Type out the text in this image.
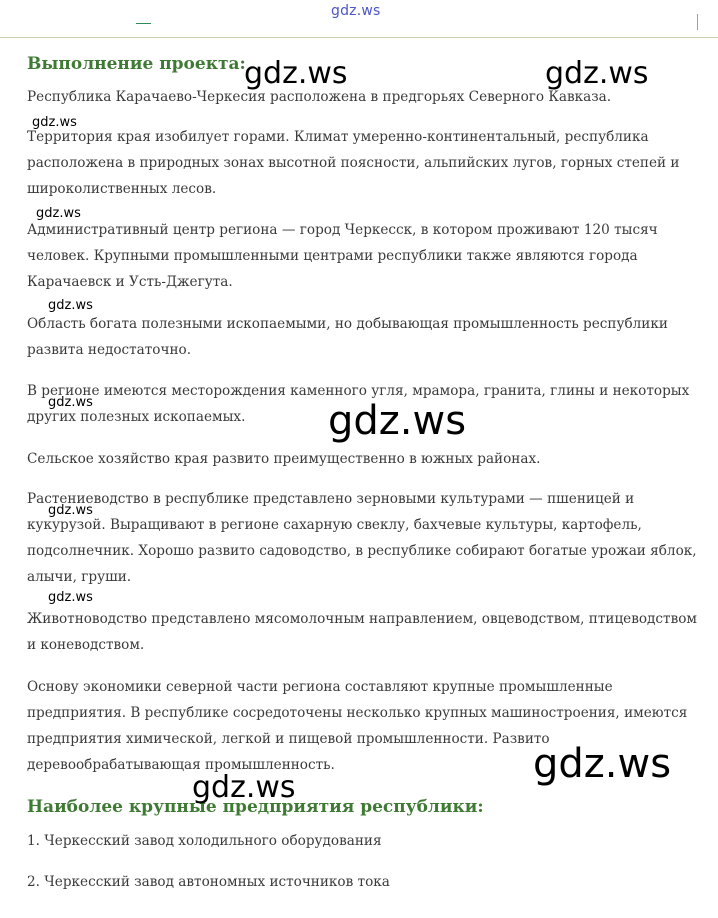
gdz.ws
Выполнение проекта:

Республика Карачаево-Черкесия расположена в предгорьях Северного Кавказа.

Территория края изобилует горами. Климат умеренно-континентальный, республика расположена в природных зонах высотной поясности, альпийских лугов, горных степей и широколиственных лесов.

Административный центр региона — город Черкесск, в котором проживают 120 тысяч человек. Крупными промышленными центрами республики также являются города Карачаевск и Усть-Джегута.

Область богата полезными ископаемыми, но добывающая промышленность республики развита недостаточно.

В регионе имеются месторождения каменного угля, мрамора, гранита, глины и некоторых других полезных ископаемых.

Сельское хозяйство края развито преимущественно в южных районах.

Растениеводство в республике представлено зерновыми культурами — пшеницей и кукурузой. Выращивают в регионе сахарную свеклу, бахчевые культуры, картофель, подсолнечник. Хорошо развито садоводство, в республике собирают богатые урожаи яблок, алычи, груши.

Животноводство представлено мясомолочным направлением, овцеводством, птицеводством и коневодством.

Основу экономики северной части региона составляют крупные промышленные предприятия. В республике сосредоточены несколько крупных машиностроения, имеются предприятия химической, легкой и пищевой промышленности. Развито деревообрабатывающая промышленность.

Наиболее крупные предприятия республики:

1. Черкесский завод холодильного оборудования

2. Черкесский завод автономных источников тока

gdz.ws	gdz.ws
gdz.ws
gdz.ws
gdz.ws
gdz.ws	gdz.ws
gdz.ws
gdz.ws
gdz.ws
gdz.ws
